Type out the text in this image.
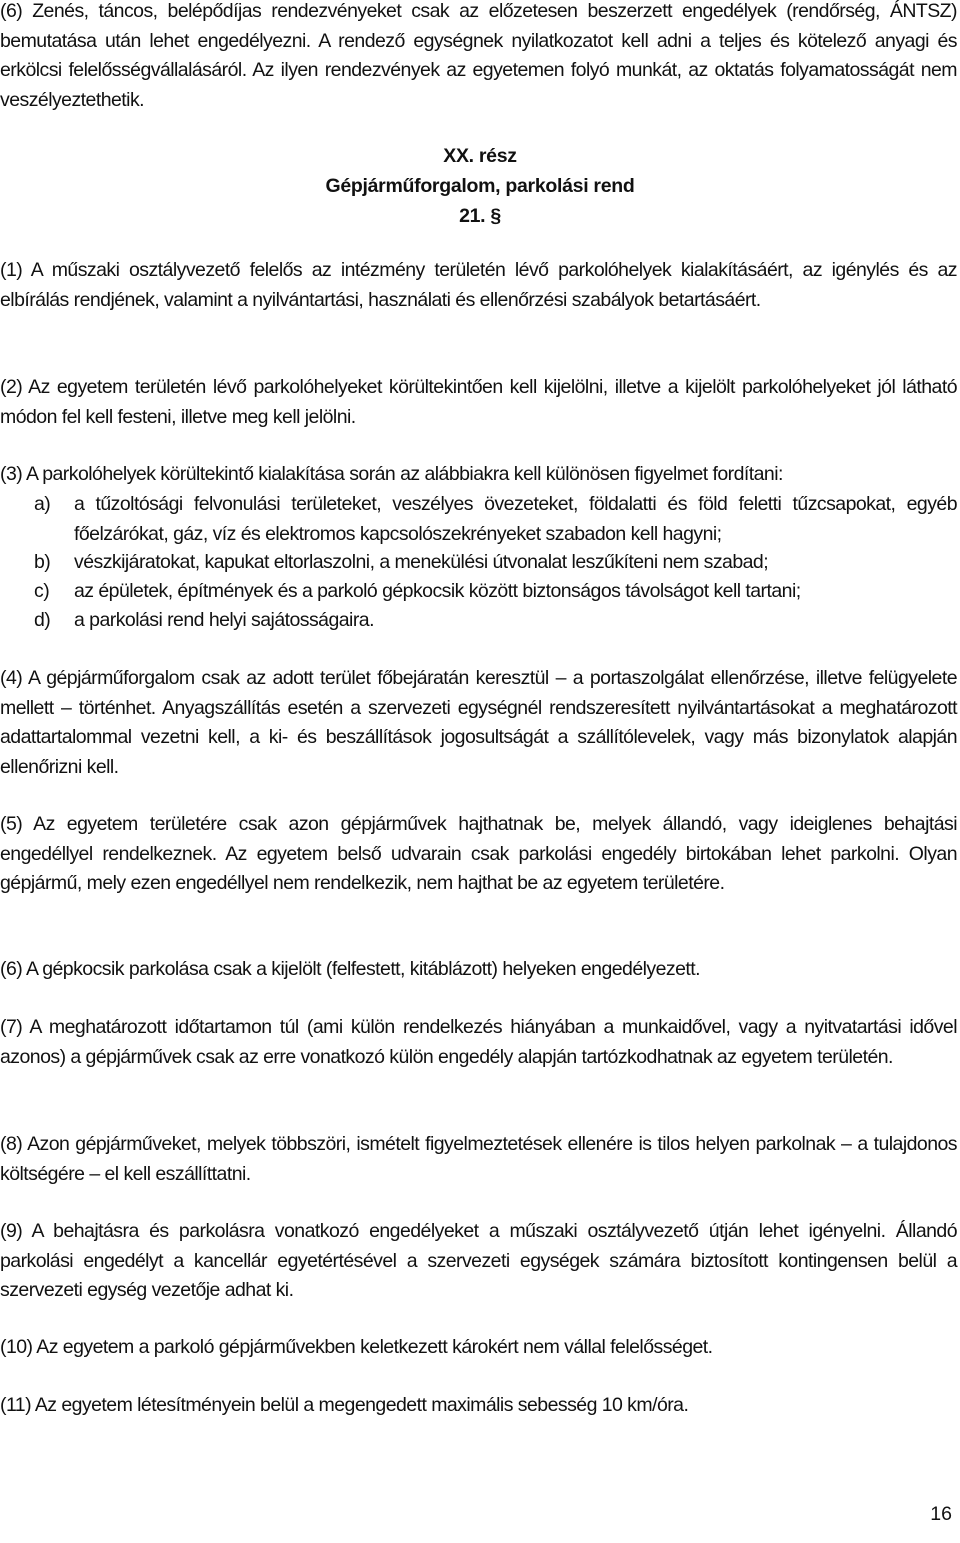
(6) Zenés, táncos, belépődíjas rendezvényeket csak az előzetesen beszerzett engedélyek (rendőrség, ÁNTSZ) bemutatása után lehet engedélyezni. A rendező egységnek nyilatkozatot kell adni a teljes és kötelező anyagi és erkölcsi felelősségvállalásáról. Az ilyen rendezvények az egyetemen folyó munkát, az oktatás folyamatosságát nem veszélyeztethetik.
XX. rész
Gépjárműforgalom, parkolási rend
21. §
(1) A műszaki osztályvezető felelős az intézmény területén lévő parkolóhelyek kialakításáért, az igénylés és az elbírálás rendjének, valamint a nyilvántartási, használati és ellenőrzési szabályok betartásáért.
(2) Az egyetem területén lévő parkolóhelyeket körültekintően kell kijelölni, illetve a kijelölt parkolóhelyeket jól látható módon fel kell festeni, illetve meg kell jelölni.
(3) A parkolóhelyek körültekintő kialakítása során az alábbiakra kell különösen figyelmet fordítani:
a) a tűzoltósági felvonulási területeket, veszélyes övezeteket, földalatti és föld feletti tűzcsapokat, egyéb főelzárókat, gáz, víz és elektromos kapcsolószekrényeket szabadon kell hagyni;
b) vészkijáratokat, kapukat eltorlaszolni, a menekülési útvonalat leszűkíteni nem szabad;
c) az épületek, építmények és a parkoló gépkocsik között biztonságos távolságot kell tartani;
d) a parkolási rend helyi sajátosságaira.
(4) A gépjárműforgalom csak az adott terület főbejáratán keresztül – a portaszolgálat ellenőrzése, illetve felügyelete mellett – történhet. Anyagszállítás esetén a szervezeti egységnél rendszeresített nyilvántartásokat a meghatározott adattartalommal vezetni kell, a ki- és beszállítások jogosultságát a szállítólevelek, vagy más bizonylatok alapján ellenőrizni kell.
(5) Az egyetem területére csak azon gépjárművek hajthatnak be, melyek állandó, vagy ideiglenes behajtási engedéllyel rendelkeznek. Az egyetem belső udvarain csak parkolási engedély birtokában lehet parkolni. Olyan gépjármű, mely ezen engedéllyel nem rendelkezik, nem hajthat be az egyetem területére.
(6) A gépkocsik parkolása csak a kijelölt (felfestett, kitáblázott) helyeken engedélyezett.
(7) A meghatározott időtartamon túl (ami külön rendelkezés hiányában a munkaidővel, vagy a nyitvatartási idővel azonos) a gépjárművek csak az erre vonatkozó külön engedély alapján tartózkodhatnak az egyetem területén.
(8) Azon gépjárműveket, melyek többszöri, ismételt figyelmeztetések ellenére is tilos helyen parkolnak – a tulajdonos költségére – el kell eszállíttatni.
(9) A behajtásra és parkolásra vonatkozó engedélyeket a műszaki osztályvezető útján lehet igényelni. Állandó parkolási engedélyt a kancellár egyetértésével a szervezeti egységek számára biztosított kontingensen belül a szervezeti egység vezetője adhat ki.
(10) Az egyetem a parkoló gépjárművekben keletkezett károkért nem vállal felelősséget.
(11) Az egyetem létesítményein belül a megengedett maximális sebesség 10 km/óra.
16
